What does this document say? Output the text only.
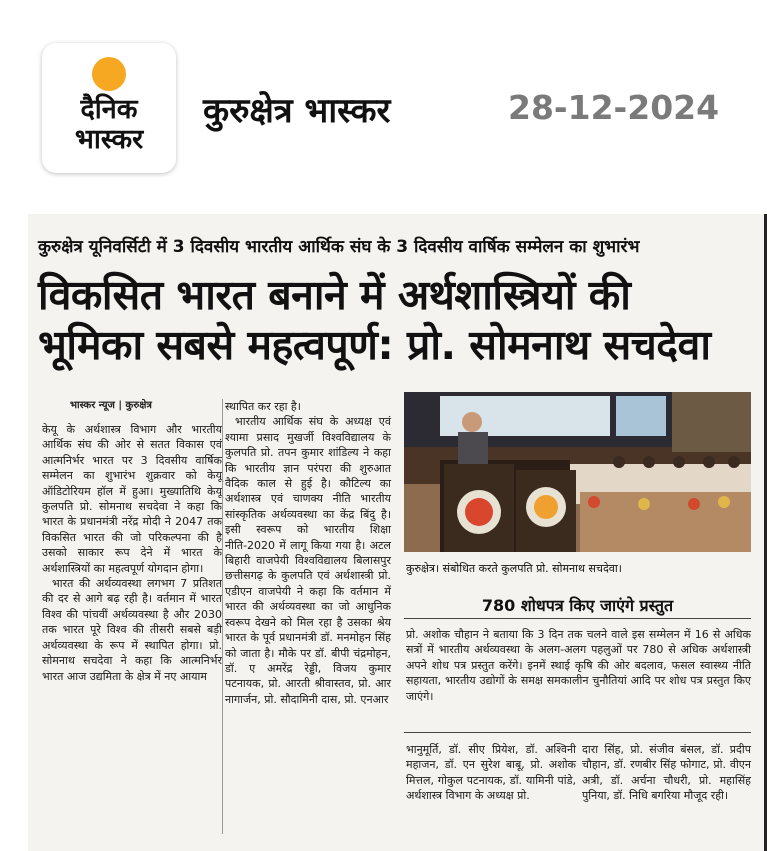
दैनिक
भास्कर
कुरुक्षेत्र भास्कर	28-12-2024
कुरुक्षेत्र यूनिवर्सिटी में 3 दिवसीय भारतीय आर्थिक संघ के 3 दिवसीय वार्षिक सम्मेलन का शुभारंभ
विकसित भारत बनाने में अर्थशास्त्रियों की
भूमिका सबसे महत्वपूर्ण: प्रो. सोमनाथ सचदेवा
भास्कर न्यूज | कुरुक्षेत्र

केयू के अर्थशास्त्र विभाग और भारतीय आर्थिक संघ की ओर से सतत विकास एवं आत्मनिर्भर भारत पर 3 दिवसीय वार्षिक सम्मेलन का शुभारंभ शुक्रवार को केयू ऑडिटोरियम हॉल में हुआ। मुख्यातिथि केयू कुलपति प्रो. सोमनाथ सचदेवा ने कहा कि भारत के प्रधानमंत्री नरेंद्र मोदी ने 2047 तक विकसित भारत की जो परिकल्पना की है उसको साकार रूप देने में भारत के अर्थशास्त्रियों का महत्वपूर्ण योगदान होगा।

भारत की अर्थव्यवस्था लगभग 7 प्रतिशत की दर से आगे बढ़ रही है। वर्तमान में भारत विश्व की पांचवीं अर्थव्यवस्था है और 2030 तक भारत पूरे विश्व की तीसरी सबसे बड़ी अर्थव्यवस्था के रूप में स्थापित होगा। प्रो. सोमनाथ सचदेवा ने कहा कि आत्मनिर्भर भारत आज उद्यमिता के क्षेत्र में नए आयाम

स्थापित कर रहा है।

भारतीय आर्थिक संघ के अध्यक्ष एवं श्यामा प्रसाद मुखर्जी विश्वविद्यालय के कुलपति प्रो. तपन कुमार शांडिल्य ने कहा कि भारतीय ज्ञान परंपरा की शुरुआत वैदिक काल से हुई है। कौटिल्य का अर्थशास्त्र एवं चाणक्य नीति भारतीय सांस्कृतिक अर्थव्यवस्था का केंद्र बिंदु है। इसी स्वरूप को भारतीय शिक्षा नीति-2020 में लागू किया गया है। अटल बिहारी वाजपेयी विश्वविद्यालय बिलासपुर छत्तीसगढ़ के कुलपति एवं अर्थशास्त्री प्रो. एडीएन वाजपेयी ने कहा कि वर्तमान में भारत की अर्थव्यवस्था का जो आधुनिक स्वरूप देखने को मिल रहा है उसका श्रेय भारत के पूर्व प्रधानमंत्री डॉ. मनमोहन सिंह को जाता है। मौके पर डॉ. बीपी चंद्रमोहन, डॉ. ए अमरेंद्र रेड्डी, विजय कुमार पटनायक, प्रो. आरती श्रीवास्तव, प्रो. आर नागार्जन, प्रो. सौदामिनी दास, प्रो. एनआर

कुरुक्षेत्र। संबोधित करते कुलपति प्रो. सोमनाथ सचदेवा।
780 शोधपत्र किए जाएंगे प्रस्तुत
प्रो. अशोक चौहान ने बताया कि 3 दिन तक चलने वाले इस सम्मेलन में 16 से अधिक सत्रों में भारतीय अर्थव्यवस्था के अलग-अलग पहलुओं पर 780 से अधिक अर्थशास्त्री अपने शोध पत्र प्रस्तुत करेंगे। इनमें स्थाई कृषि की ओर बदलाव, फसल स्वास्थ्य नीति सहायता, भारतीय उद्योगों के समक्ष समकालीन चुनौतियां आदि पर शोध पत्र प्रस्तुत किए जाएंगे।
भानुमूर्ति, डॉ. सीए प्रियेश, डॉ. अश्विनी महाजन, डॉ. एन सुरेश बाबू, प्रो. अशोक मित्तल, गोकुल पटनायक, डॉ. यामिनी पांडे, अर्थशास्त्र विभाग के अध्यक्ष प्रो.
दारा सिंह, प्रो. संजीव बंसल, डॉ. प्रदीप चौहान, डॉ. रणबीर सिंह फोगाट, प्रो. वीएन अत्री, डॉ. अर्चना चौधरी, प्रो. महासिंह पुनिया, डॉ. निधि बगरिया मौजूद रही।
